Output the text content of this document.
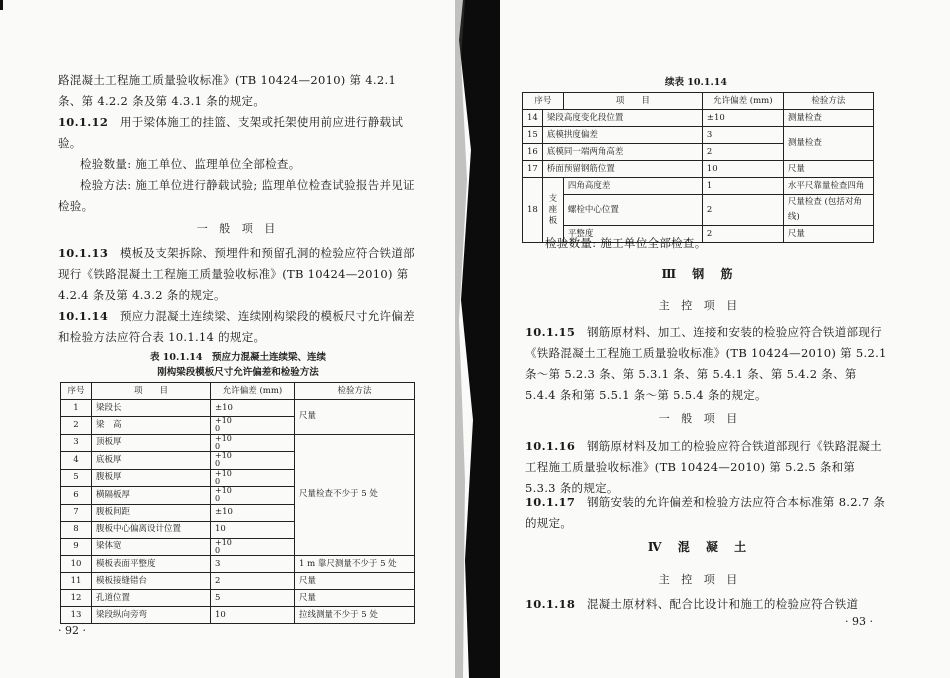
路混凝土工程施工质量验收标准》(TB 10424—2010) 第 4.2.1 条、第 4.2.2 条及第 4.3.1 条的规定。
10.1.12　 用于梁体施工的挂篮、支架或托架使用前应进行静载试验。
检验数量: 施工单位、监理单位全部检查。
检验方法: 施工单位进行静载试验; 监理单位检查试验报告并见证检验。
一 般 项 目
10.1.13　 模板及支架拆除、预埋件和预留孔洞的检验应符合铁道部现行《铁路混凝土工程施工质量验收标准》(TB 10424—2010) 第 4.2.4 条及第 4.3.2 条的规定。
10.1.14　 预应力混凝土连续梁、连续刚构梁段的模板尺寸允许偏差和检验方法应符合表 10.1.14 的规定。
表 10.1.14　预应力混凝土连续梁、连续
刚构梁段模板尺寸允许偏差和检验方法
序号	项　　目	允许偏差 (mm)	检验方法
1	梁段长	±10	尺量
2	梁　高	+10
0	
3	顶板厚	+10
0	尺量检查不少于 5 处
4	底板厚	+10
0	
5	腹板厚	+10
0	
6	横隔板厚	+10
0	
7	腹板间距	±10	
8	腹板中心偏离设计位置	10	
9	梁体宽	+10
0	
10	模板表面平整度	3	1 m 靠尺测量不少于 5 处
11	模板接缝错台	2	尺量
12	孔道位置	5	尺量
13	梁段纵向旁弯	10	拉线测量不少于 5 处
· 92 ·
续表 10.1.14
序号		项　　目	允许偏差 (mm)	检验方法
14	梁段高度变化段位置		±10	测量检查
15	底模拱度偏差		3	测量检查
16	底模同一端两角高差		2	
17	桥面预留钢筋位置		10	尺量
18	支座板	四角高度差	1	水平尺靠量检查四角
		螺栓中心位置	2	尺量检查 (包括对角线)
		平整度	2	尺量
检验数量: 施工单位全部检查。
Ⅲ 钢 筋
主 控 项 目
10.1.15　 钢筋原材料、加工、连接和安装的检验应符合铁道部现行《铁路混凝土工程施工质量验收标准》(TB 10424—2010) 第 5.2.1 条～第 5.2.3 条、第 5.3.1 条、第 5.4.1 条、第 5.4.2 条、第 5.4.4 条和第 5.5.1 条～第 5.5.4 条的规定。
一 般 项 目
10.1.16　 钢筋原材料及加工的检验应符合铁道部现行《铁路混凝土工程施工质量验收标准》(TB 10424—2010) 第 5.2.5 条和第 5.3.3 条的规定。
10.1.17　 钢筋安装的允许偏差和检验方法应符合本标准第 8.2.7 条的规定。
Ⅳ 混 凝 土
主 控 项 目
10.1.18　 混凝土原材料、配合比设计和施工的检验应符合铁道
· 93 ·
